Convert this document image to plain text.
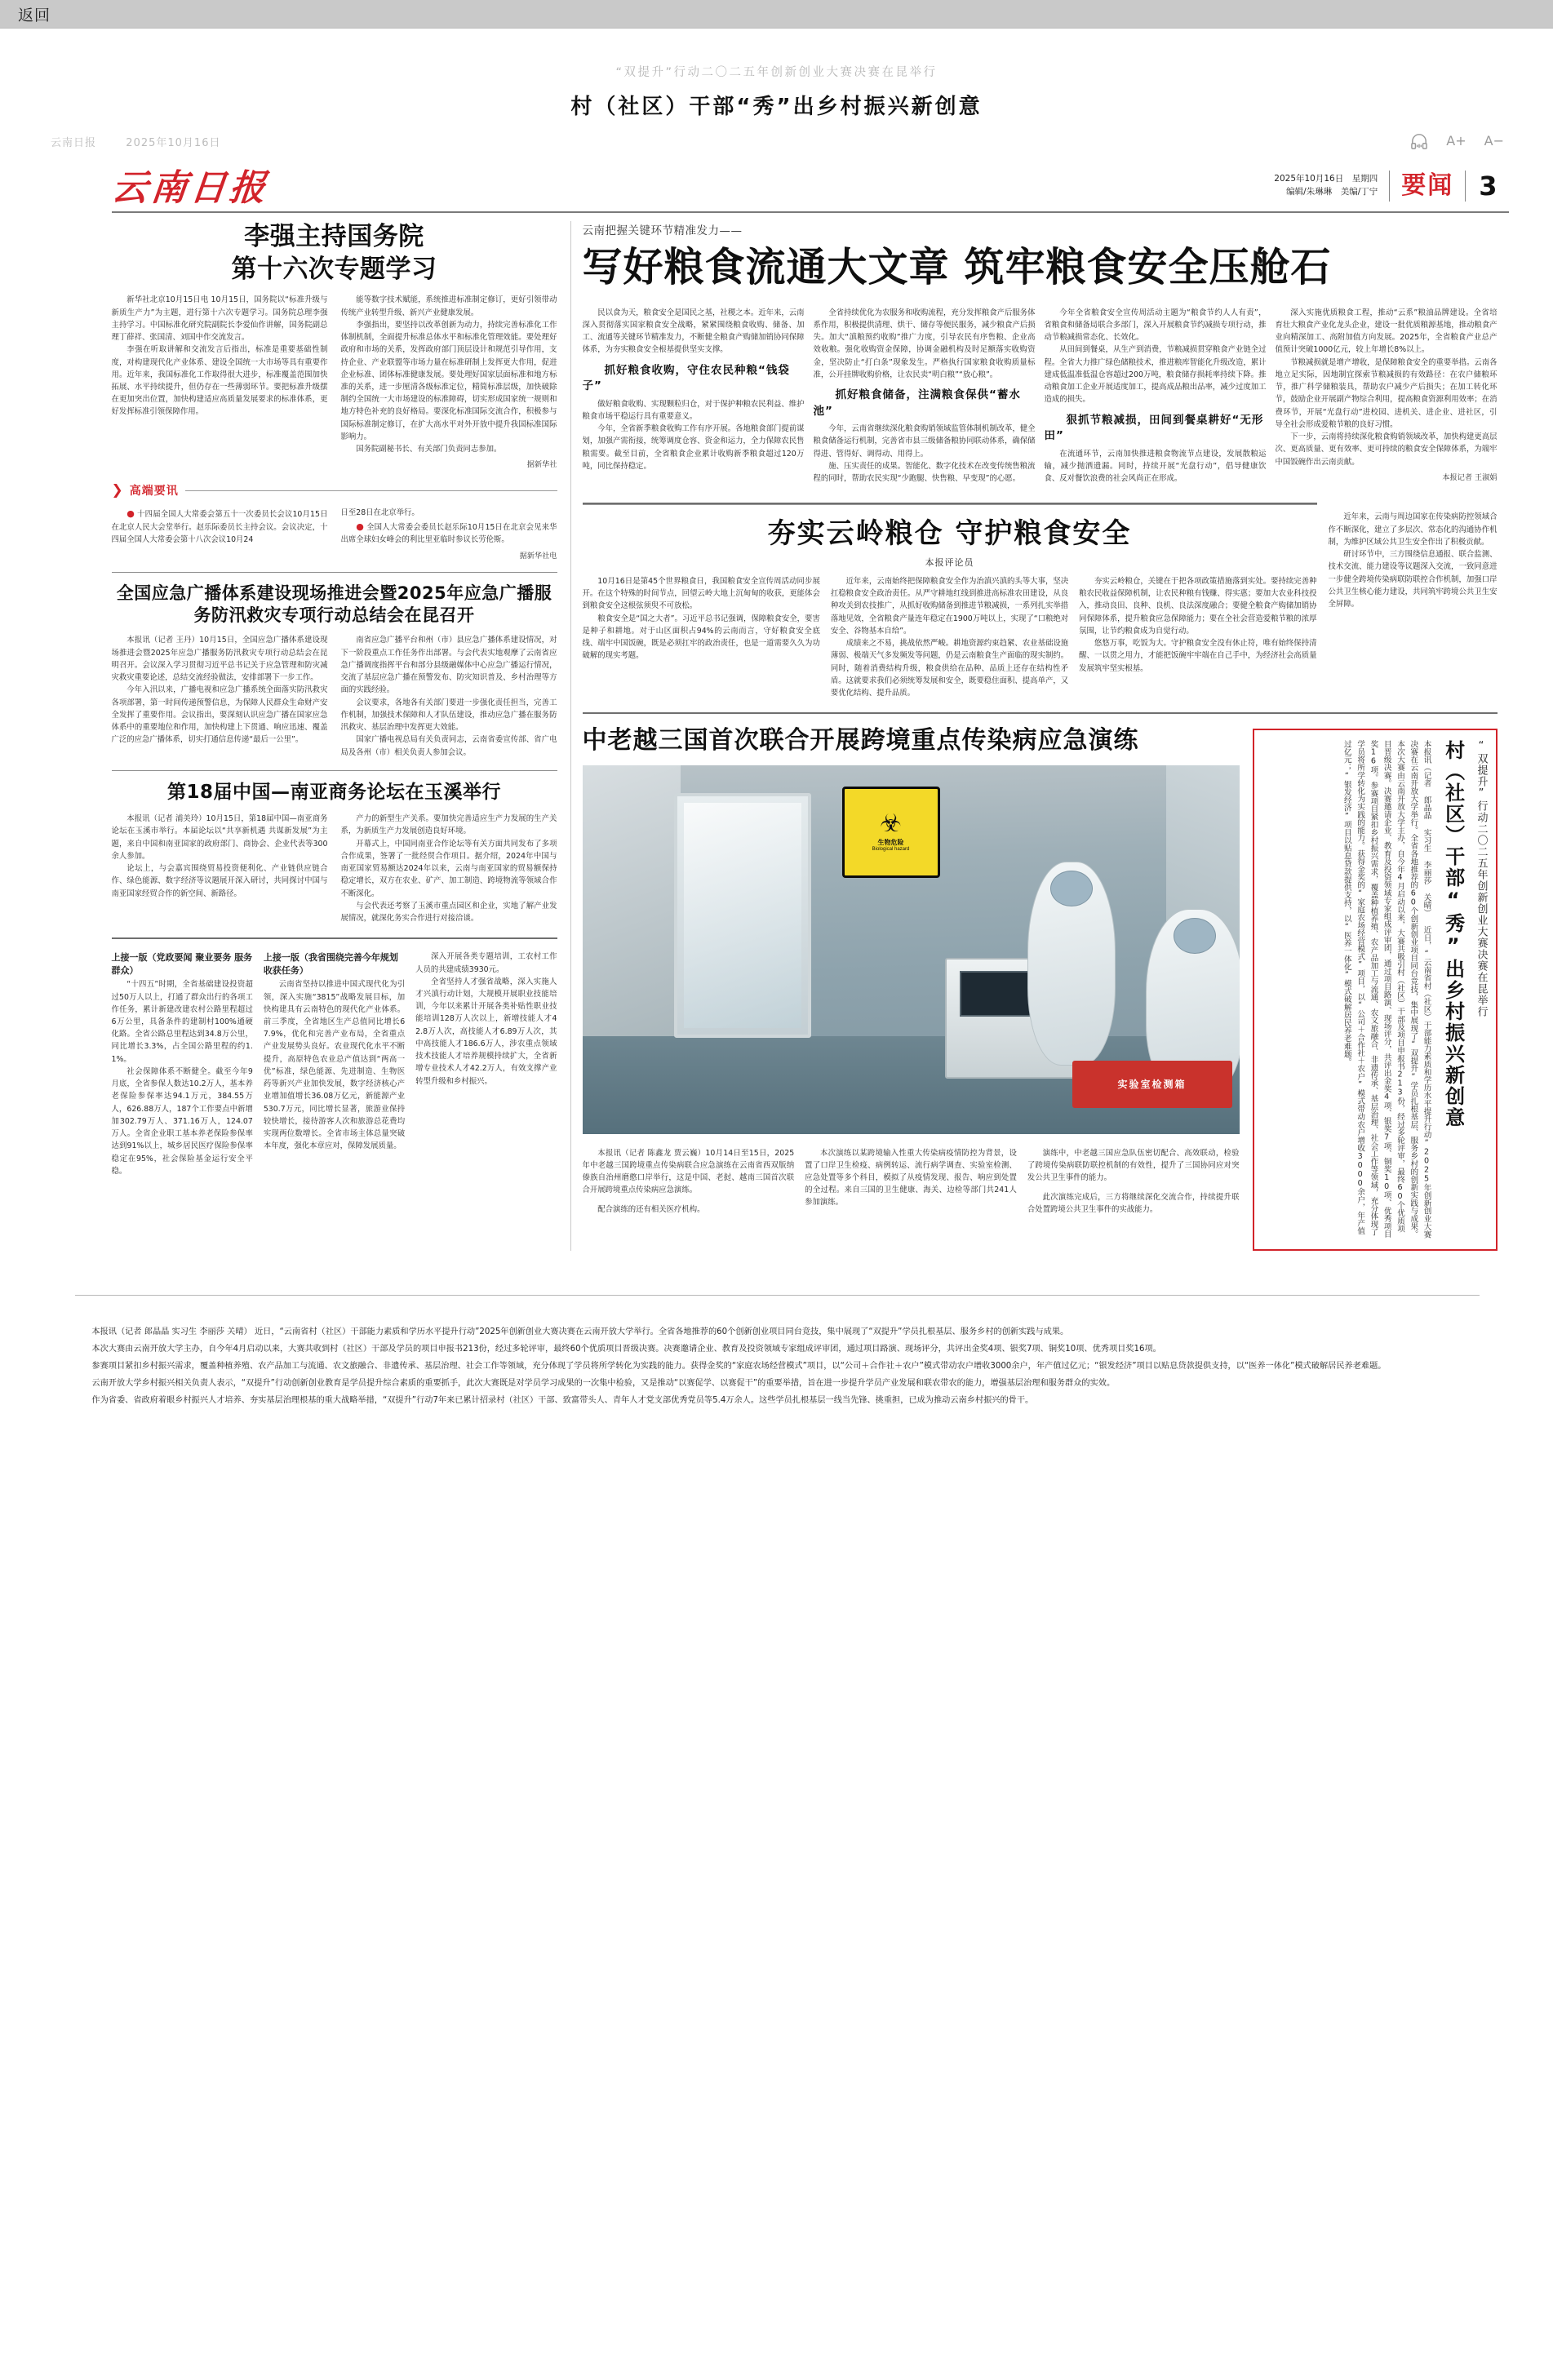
返回
“双提升”行动二〇二五年创新创业大赛决赛在昆举行
村（社区）干部“秀”出乡村振兴新创意
云南日报	2025年10月16日	A+ A−
云南日报	2025年10月16日　星期四
编辑/朱琳琳　美编/丁宁 要闻 3
李强主持国务院
第十六次专题学习

新华社北京10月15日电 10月15日，国务院以“标准升级与新质生产力”为主题，进行第十六次专题学习。国务院总理李强主持学习。中国标准化研究院副院长李爱仙作讲解，国务院副总理丁薛祥、张国清、刘国中作交流发言。

李强在听取讲解和交流发言后指出，标准是重要基础性制度，对构建现代化产业体系、建设全国统一大市场等具有重要作用。近年来，我国标准化工作取得很大进步，标准覆盖范围加快拓展、水平持续提升，但仍存在一些薄弱环节。要把标准升级摆在更加突出位置，加快构建适应高质量发展要求的标准体系，更好发挥标准引领保障作用。

能等数字技术赋能，系统推进标准制定修订，更好引领带动传统产业转型升级、新兴产业健康发展。

李强指出，要坚持以改革创新为动力，持续完善标准化工作体制机制，全面提升标准总体水平和标准化管理效能。要处理好政府和市场的关系，发挥政府部门顶层设计和规范引导作用，支持企业、产业联盟等市场力量在标准研制上发挥更大作用，促进企业标准、团体标准健康发展。要处理好国家层面标准和地方标准的关系，进一步厘清各级标准定位，精简标准层级，加快破除制约全国统一大市场建设的标准障碍，切实形成国家统一规则和地方特色补充的良好格局。要深化标准国际交流合作，积极参与国际标准制定修订，在扩大高水平对外开放中提升我国标准国际影响力。

国务院副秘书长、有关部门负责同志参加。

据新华社
❯ 高端要讯

● 十四届全国人大常委会第五十一次委员长会议10月15日在北京人民大会堂举行。赵乐际委员长主持会议。会议决定，十四届全国人大常委会第十八次会议10月24

日至28日在北京举行。

● 全国人大常委会委员长赵乐际10月15日在北京会见来华出席全球妇女峰会的利比里亚临时参议长劳伦斯。

据新华社电
全国应急广播体系建设现场推进会暨2025年应急广播服务防汛救灾专项行动总结会在昆召开

本报讯（记者 王丹）10月15日，全国应急广播体系建设现场推进会暨2025年应急广播服务防汛救灾专项行动总结会在昆明召开。会议深入学习贯彻习近平总书记关于应急管理和防灾减灾救灾重要论述，总结交流经验做法，安排部署下一步工作。

今年入汛以来，广播电视和应急广播系统全面落实防汛救灾各项部署，第一时间传递预警信息，为保障人民群众生命财产安全发挥了重要作用。会议指出，要深刻认识应急广播在国家应急体系中的重要地位和作用，加快构建上下贯通、响应迅速、覆盖广泛的应急广播体系，切实打通信息传递“最后一公里”。

南省应急广播平台和州（市）县应急广播体系建设情况，对下一阶段重点工作任务作出部署。与会代表实地观摩了云南省应急广播调度指挥平台和部分县级融媒体中心应急广播运行情况，交流了基层应急广播在预警发布、防灾知识普及、乡村治理等方面的实践经验。

会议要求，各地各有关部门要进一步强化责任担当，完善工作机制，加强技术保障和人才队伍建设，推动应急广播在服务防汛救灾、基层治理中发挥更大效能。

国家广播电视总局有关负责同志，云南省委宣传部、省广电局及各州（市）相关负责人参加会议。

第18届中国—南亚商务论坛在玉溪举行

本报讯（记者 浦美玲）10月15日，第18届中国—南亚商务论坛在玉溪市举行。本届论坛以“共享新机遇 共谋新发展”为主题，来自中国和南亚国家的政府部门、商协会、企业代表等300余人参加。

论坛上，与会嘉宾围绕贸易投资便利化、产业链供应链合作、绿色能源、数字经济等议题展开深入研讨，共同探讨中国与南亚国家经贸合作的新空间、新路径。

产力的新型生产关系。要加快完善适应生产力发展的生产关系，为新质生产力发展创造良好环境。

开幕式上，中国同南亚合作论坛等有关方面共同发布了多项合作成果，签署了一批经贸合作项目。据介绍，2024年中国与南亚国家贸易额达2024年以来，云南与南亚国家的贸易额保持稳定增长，双方在农业、矿产、加工制造、跨境物流等领域合作不断深化。

与会代表还考察了玉溪市重点园区和企业，实地了解产业发展情况，就深化务实合作进行对接洽谈。

上接一版（党政要闻 聚业要务 服务群众）

“十四五”时期，全省基础建设投资超过50万人以上，打通了群众出行的各项工作任务，累计新建改建农村公路里程超过6万公里，具备条件的建制村100%通硬化路。全省公路总里程达到34.8万公里，同比增长3.3%，占全国公路里程的约1.1%。

社会保障体系不断健全。截至今年9月底，全省参保人数达10.2万人，基本养老保险参保率达94.1万元，384.55万人，626.88万人，187个工作要点中新增加302.79万人、371.16万人，124.07万人。全省企业职工基本养老保险参保率达到91%以上，城乡居民医疗保险参保率稳定在95%，社会保险基金运行安全平稳。

上接一版（我省围绕完善今年规划收获任务）

云南省坚持以推进中国式现代化为引领，深入实施“3815”战略发展目标，加快构建具有云南特色的现代化产业体系。前三季度，全省地区生产总值同比增长67.9%，优化和完善产业布局，全省重点产业发展势头良好。农业现代化水平不断提升，高原特色农业总产值达到“两高一优”标准，绿色能源、先进制造、生物医药等新兴产业加快发展，数字经济核心产业增加值增长36.08万亿元，新能源产业530.7万元，同比增长显著，旅游业保持较快增长，接待游客人次和旅游总花费均实现两位数增长。全省市场主体总量突破本年度，强化本章应对，保障发展质量。

深入开展各类专题培训，工农村工作人员的共建成绩3930元。

全省坚持人才强省战略，深入实施人才兴滇行动计划，大规模开展职业技能培训，今年以来累计开展各类补贴性职业技能培训128万人次以上，新增技能人才42.8万人次，高技能人才6.89万人次，其中高技能人才186.6万人，涉农重点领域技术技能人才培养规模持续扩大，全省新增专业技术人才42.2万人，有效支撑产业转型升级和乡村振兴。

云南把握关键环节精准发力——
写好粮食流通大文章 筑牢粮食安全压舱石

民以食为天，粮食安全是国民之基，社稷之本。近年来，云南深入贯彻落实国家粮食安全战略，紧紧围绕粮食收购、储备、加工、流通等关键环节精准发力，不断健全粮食产购储加销协同保障体系，为夯实粮食安全根基提供坚实支撑。

抓好粮食收购，守住农民种粮“钱袋子”

做好粮食收购、实现颗粒归仓，对于保护种粮农民利益、维护粮食市场平稳运行具有重要意义。

今年，全省新季粮食收购工作有序开展。各地粮食部门提前谋划，加强产需衔接，统筹调度仓容、资金和运力，全力保障农民售粮需要。截至目前，全省粮食企业累计收购新季粮食超过120万吨，同比保持稳定。

全省持续优化为农服务和收购流程，充分发挥粮食产后服务体系作用，积极提供清理、烘干、储存等便民服务，减少粮食产后损失。加大“滇粮预约收购”推广力度，引导农民有序售粮、企业高效收粮。强化收购资金保障，协调金融机构及时足额落实收购资金，坚决防止“打白条”现象发生。严格执行国家粮食收购质量标准，公开挂牌收购价格，让农民卖“明白粮”“放心粮”。

抓好粮食储备，注满粮食保供“蓄水池”

今年，云南省继续深化粮食购销领域监管体制机制改革，健全粮食储备运行机制，完善省市县三级储备粮协同联动体系，确保储得进、管得好、调得动、用得上。

施、压实责任的成果。智能化、数字化技术在改变传统售粮流程的同时，帮助农民实现“少跑腿、快售粮、早变现”的心愿。

今年全省粮食安全宣传周活动主题为“粮食节约人人有责”，省粮食和储备局联合多部门，深入开展粮食节约减损专项行动，推动节粮减损常态化、长效化。

从田间到餐桌，从生产到消费，节粮减损贯穿粮食产业链全过程。全省大力推广绿色储粮技术，推进粮库智能化升级改造，累计建成低温准低温仓容超过200万吨，粮食储存损耗率持续下降。推动粮食加工企业开展适度加工，提高成品粮出品率，减少过度加工造成的损失。

狠抓节粮减损，田间到餐桌耕好“无形田”

在流通环节，云南加快推进粮食物流节点建设，发展散粮运输，减少抛洒遗漏。同时，持续开展“光盘行动”，倡导健康饮食、反对餐饮浪费的社会风尚正在形成。

深入实施优质粮食工程，推动“云系”粮油品牌建设。全省培育壮大粮食产业化龙头企业，建设一批优质粮源基地，推动粮食产业向精深加工、高附加值方向发展。2025年，全省粮食产业总产值预计突破1000亿元，较上年增长8%以上。

节粮减损就是增产增收，是保障粮食安全的重要举措。云南各地立足实际，因地制宜探索节粮减损的有效路径：在农户储粮环节，推广科学储粮装具，帮助农户减少产后损失；在加工转化环节，鼓励企业开展副产物综合利用，提高粮食资源利用效率；在消费环节，开展“光盘行动”进校园、进机关、进企业、进社区，引导全社会形成爱粮节粮的良好习惯。

下一步，云南将持续深化粮食购销领域改革，加快构建更高层次、更高质量、更有效率、更可持续的粮食安全保障体系，为端牢中国饭碗作出云南贡献。

本报记者 王淑娟
夯实云岭粮仓 守护粮食安全
本报评论员

10月16日是第45个世界粮食日，我国粮食安全宣传周活动同步展开。在这个特殊的时间节点，回望云岭大地上沉甸甸的收获，更能体会到粮食安全这根弦须臾不可放松。

粮食安全是“国之大者”。习近平总书记强调，保障粮食安全，要害是种子和耕地。对于山区面积占94%的云南而言，守好粮食安全底线、端牢中国饭碗，既是必须扛牢的政治责任，也是一道需要久久为功破解的现实考题。

近年来，云南始终把保障粮食安全作为治滇兴滇的头等大事，坚决扛稳粮食安全政治责任。从严守耕地红线到推进高标准农田建设，从良种攻关到农技推广，从抓好收购储备到推进节粮减损，一系列扎实举措落地见效，全省粮食产量连年稳定在1900万吨以上，实现了“口粮绝对安全、谷物基本自给”。

成绩来之不易，挑战依然严峻。耕地资源约束趋紧、农业基础设施薄弱、极端天气多发频发等问题，仍是云南粮食生产面临的现实制约。同时，随着消费结构升级，粮食供给在品种、品质上还存在结构性矛盾。这就要求我们必须统筹发展和安全，既要稳住面积、提高单产，又要优化结构、提升品质。

夯实云岭粮仓，关键在于把各项政策措施落到实处。要持续完善种粮农民收益保障机制，让农民种粮有钱赚、得实惠；要加大农业科技投入，推动良田、良种、良机、良法深度融合；要健全粮食产购储加销协同保障体系，提升粮食应急保障能力；要在全社会营造爱粮节粮的浓厚氛围，让节约粮食成为自觉行动。

悠悠万事，吃饭为大。守护粮食安全没有休止符，唯有始终保持清醒、一以贯之用力，才能把饭碗牢牢端在自己手中，为经济社会高质量发展筑牢坚实根基。

近年来，云南与周边国家在传染病防控领域合作不断深化，建立了多层次、常态化的沟通协作机制，为维护区域公共卫生安全作出了积极贡献。

研讨环节中，三方围绕信息通报、联合监测、技术交流、能力建设等议题深入交流，一致同意进一步健全跨境传染病联防联控合作机制，加强口岸公共卫生核心能力建设，共同筑牢跨境公共卫生安全屏障。

中老越三国首次联合开展跨境重点传染病应急演练
☣
生物危险
Biological hazard
实验室检测箱

本报讯（记者 陈鑫龙 贾云巍）10月14日至15日，2025年中老越三国跨境重点传染病联合应急演练在云南省西双版纳傣族自治州磨憨口岸举行，这是中国、老挝、越南三国首次联合开展跨境重点传染病应急演练。

配合演练的还有相关医疗机构。

本次演练以某跨境输入性重大传染病疫情防控为背景，设置了口岸卫生检疫、病例转运、流行病学调查、实验室检测、应急处置等多个科目，模拟了从疫情发现、报告、响应到处置的全过程。来自三国的卫生健康、海关、边检等部门共241人参加演练。

演练中，中老越三国应急队伍密切配合、高效联动，检验了跨境传染病联防联控机制的有效性，提升了三国协同应对突发公共卫生事件的能力。

此次演练完成后，三方将继续深化交流合作，持续提升联合处置跨境公共卫生事件的实战能力。

“双提升”行动二〇二五年创新创业大赛决赛在昆举行
村（社区）干部“秀”出乡村振兴新创意
本报讯（记者 郎晶晶 实习生 李丽莎 关晴） 近日，“云南省村（社区）干部能力素质和学历水平提升行动”2025年创新创业大赛决赛在云南开放大学举行。全省各地推荐的60个创新创业项目同台竞技，集中展现了“双提升”学员扎根基层、服务乡村的创新实践与成果。本次大赛由云南开放大学主办，自今年4月启动以来，大赛共吸引村（社区）干部及项目申报书213份，经过多轮评审，最终60个优质项目晋级决赛。决赛邀请企业、教育及投资领域专家组成评审团，通过项目路演、现场评分，共评出金奖4项、银奖7项、铜奖10项、优秀项目奖16项。参赛项目紧扣乡村振兴需求，覆盖种植养殖、农产品加工与流通、农文旅融合、非遗传承、基层治理、社会工作等领域，充分体现了学员将所学转化为实践的能力。获得金奖的“家庭农场经营模式”项目，以“公司＋合作社＋农户”模式带动农户增收3000余户，年产值过亿元；“银发经济”项目以贴息贷款提供支持，以“医养一体化”模式破解居民养老难题。

本报讯（记者 郎晶晶 实习生 李丽莎 关晴） 近日，“云南省村（社区）干部能力素质和学历水平提升行动”2025年创新创业大赛决赛在云南开放大学举行。全省各地推荐的60个创新创业项目同台竞技，集中展现了“双提升”学员扎根基层、服务乡村的创新实践与成果。

本次大赛由云南开放大学主办，自今年4月启动以来，大赛共收到村（社区）干部及学员的项目申报书213份，经过多轮评审，最终60个优质项目晋级决赛。决赛邀请企业、教育及投资领域专家组成评审团，通过项目路演、现场评分，共评出金奖4项、银奖7项、铜奖10项、优秀项目奖16项。

参赛项目紧扣乡村振兴需求，覆盖种植养殖、农产品加工与流通、农文旅融合、非遗传承、基层治理、社会工作等领域，充分体现了学员将所学转化为实践的能力。获得金奖的“家庭农场经营模式”项目，以“公司＋合作社＋农户”模式带动农户增收3000余户，年产值过亿元；“银发经济”项目以贴息贷款提供支持，以“医养一体化”模式破解居民养老难题。

云南开放大学乡村振兴相关负责人表示，“双提升”行动创新创业教育是学员提升综合素质的重要抓手，此次大赛既是对学员学习成果的一次集中检验，又是推动“以赛促学、以赛促干”的重要举措，旨在进一步提升学员产业发展和联农带农的能力，增强基层治理和服务群众的实效。

作为省委、省政府着眼乡村振兴人才培养、夯实基层治理根基的重大战略举措，“双提升”行动7年来已累计招录村（社区）干部、致富带头人、青年人才党支部优秀党员等5.4万余人。这些学员扎根基层一线当先锋、挑重担，已成为推动云南乡村振兴的骨干。
